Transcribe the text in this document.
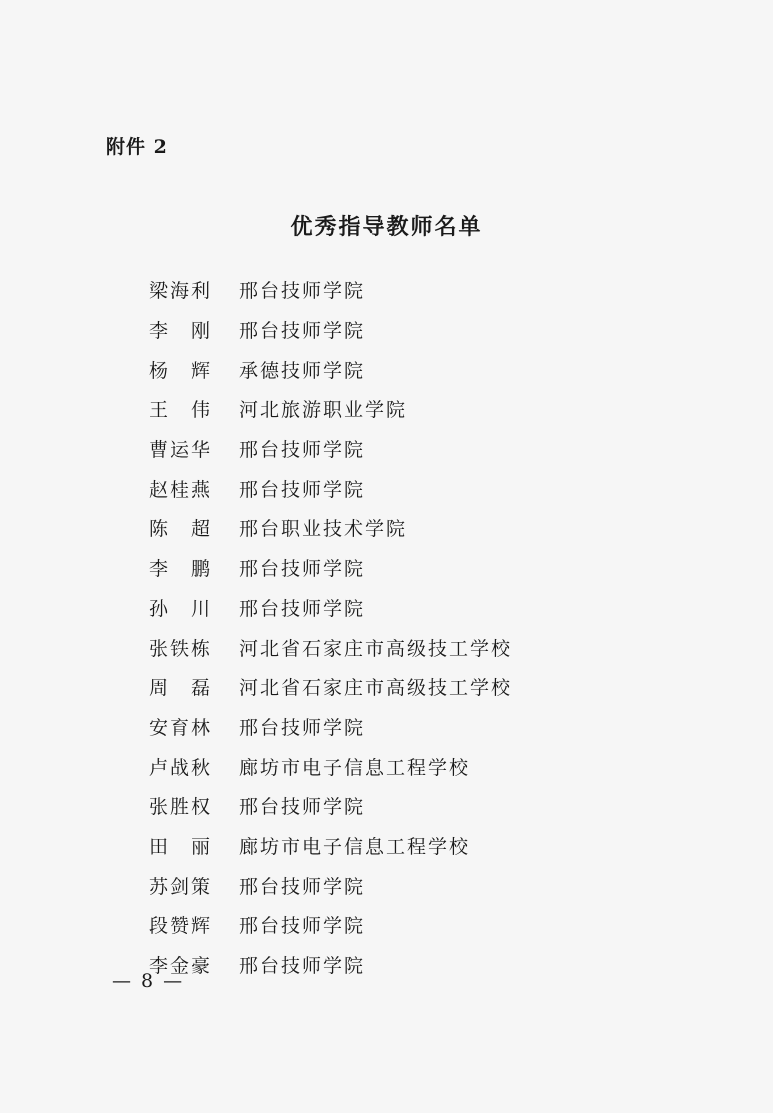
附件 2
优秀指导教师名单
梁海利	邢台技师学院
李　刚	邢台技师学院
杨　辉	承德技师学院
王　伟	河北旅游职业学院
曹运华	邢台技师学院
赵桂燕	邢台技师学院
陈　超	邢台职业技术学院
李　鹏	邢台技师学院
孙　川	邢台技师学院
张铁栋	河北省石家庄市高级技工学校
周　磊	河北省石家庄市高级技工学校
安育林	邢台技师学院
卢战秋	廊坊市电子信息工程学校
张胜权	邢台技师学院
田　丽	廊坊市电子信息工程学校
苏剑策	邢台技师学院
段赞辉	邢台技师学院
李金豪	邢台技师学院
— 8 —
